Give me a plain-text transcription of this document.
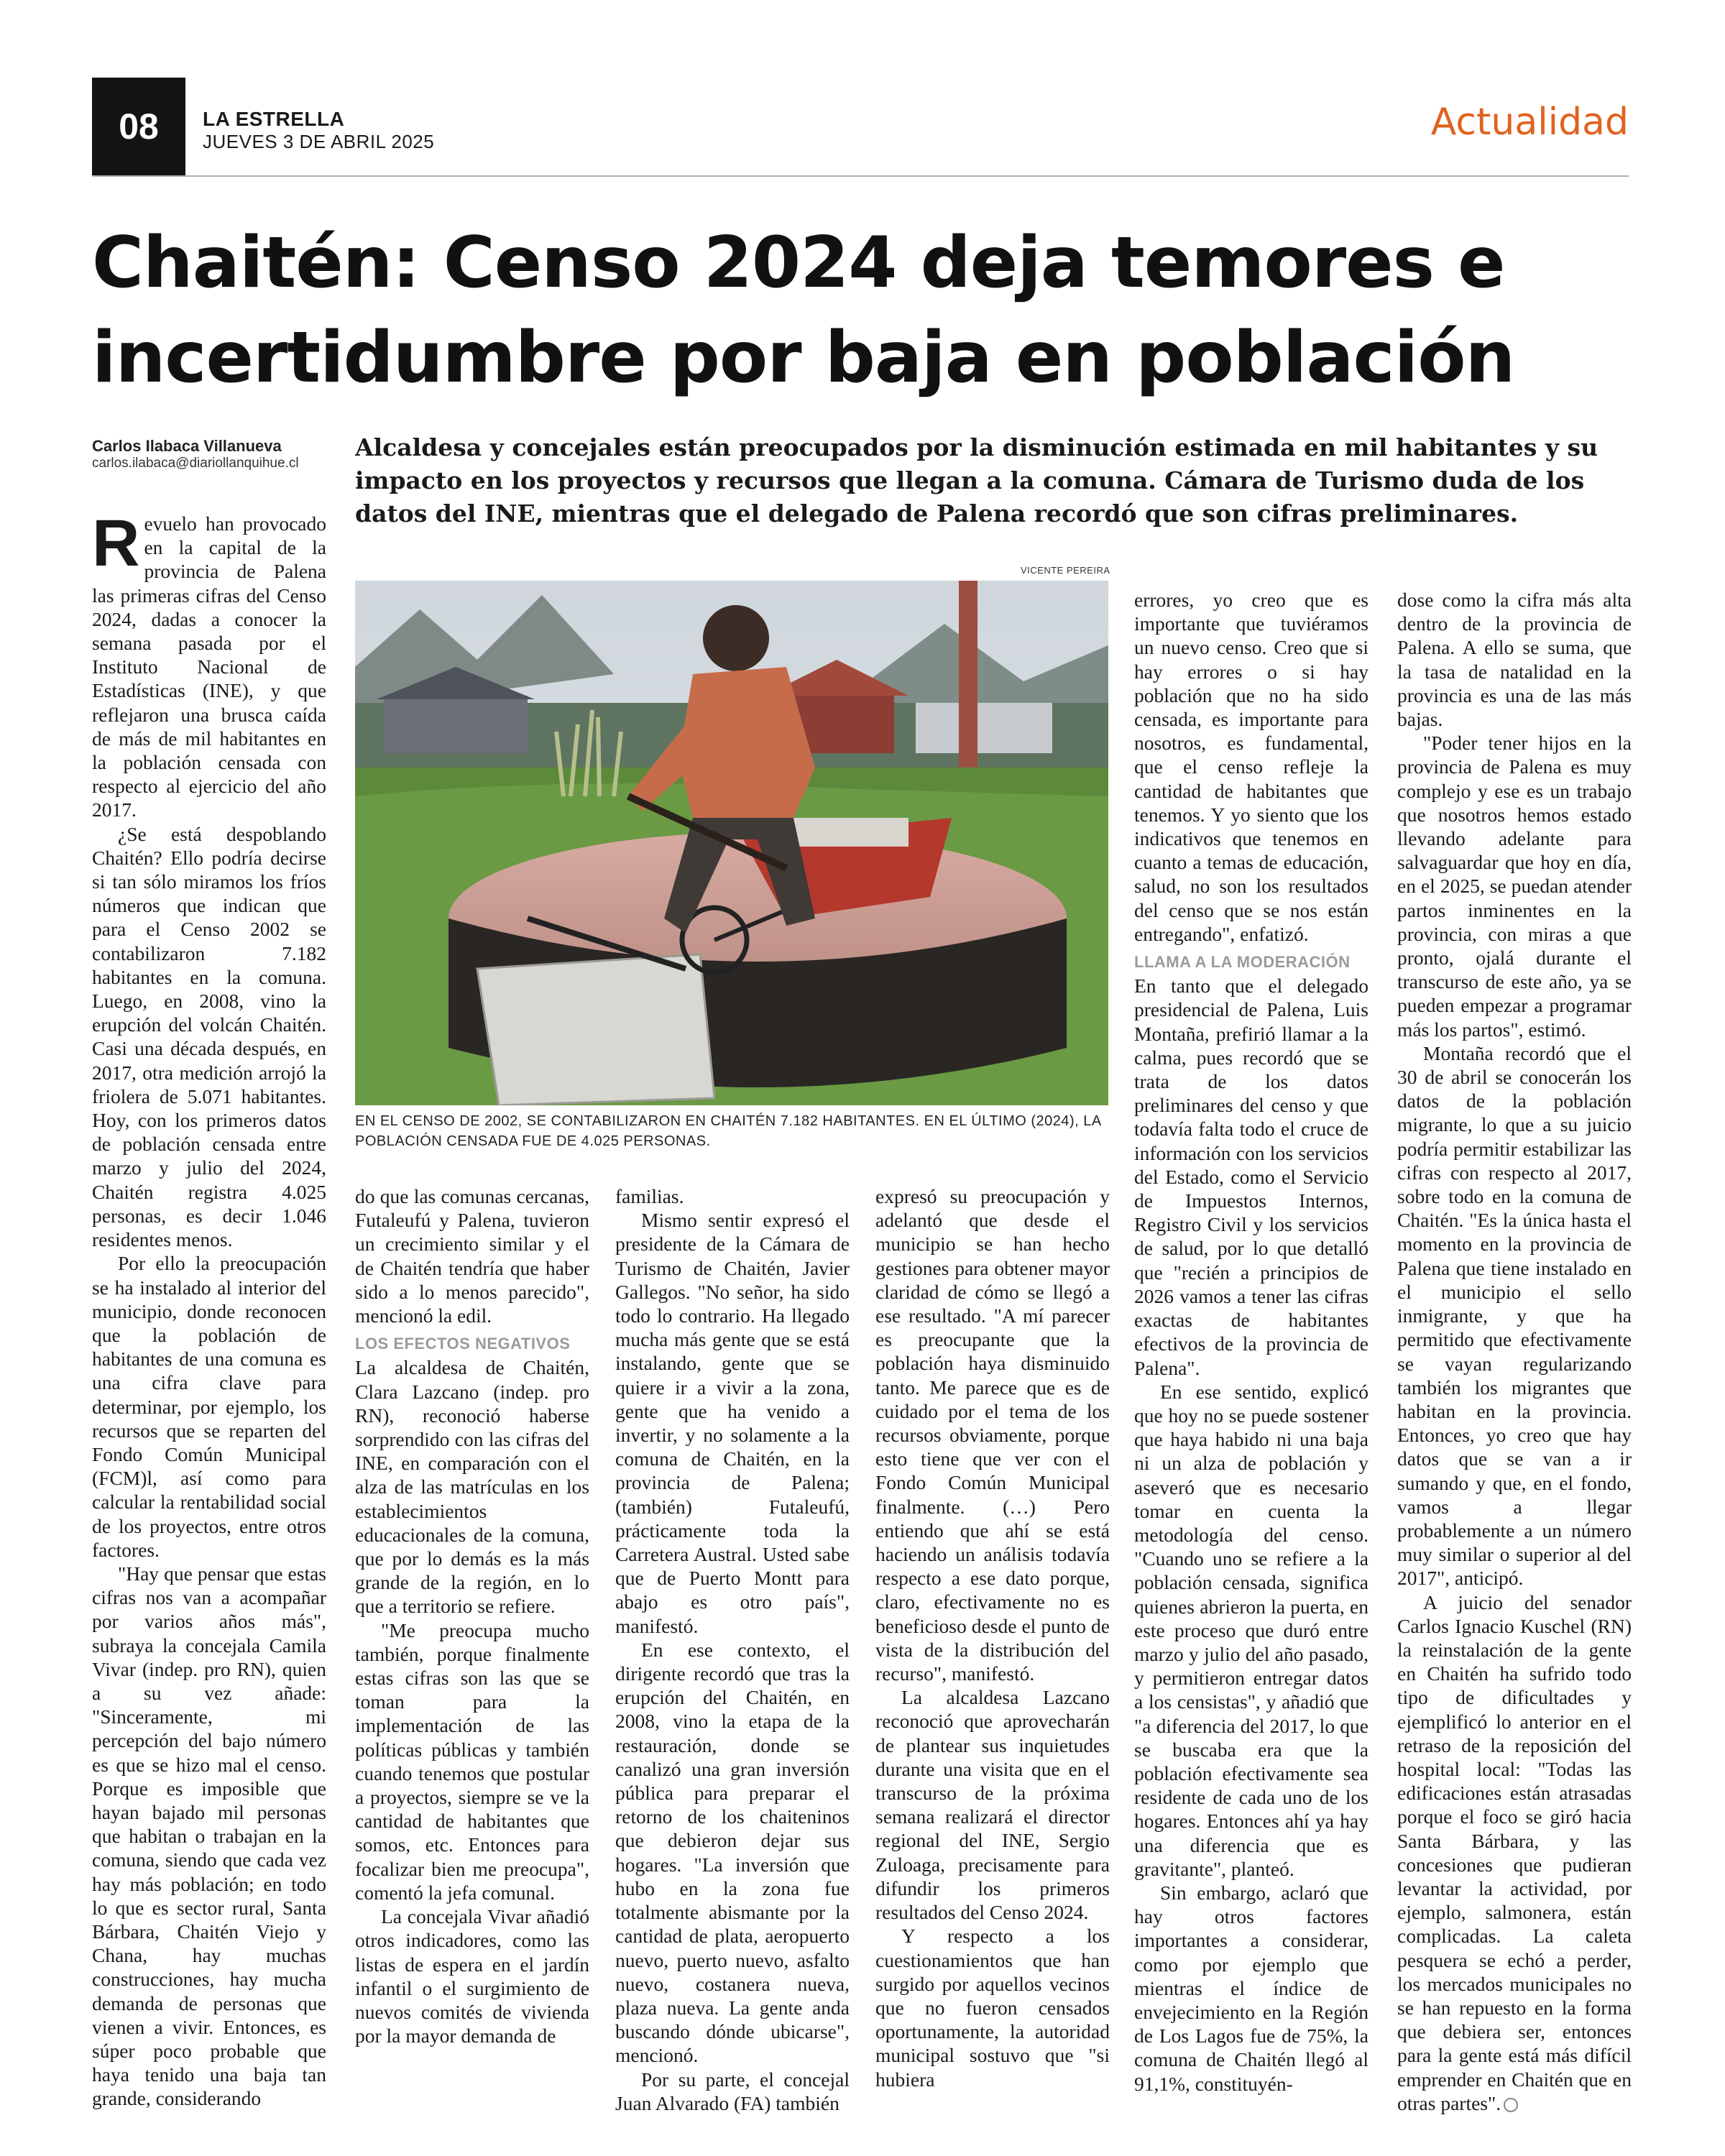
08	LA ESTRELLA
JUEVES 3 DE ABRIL 2025	Actualidad
Chaitén: Censo 2024 deja temores e
incertidumbre por baja en población
Carlos Ilabaca Villanueva
carlos.ilabaca@diariollanquihue.cl
Alcaldesa y concejales están preocupados por la disminución estimada en mil habitantes y su impacto en los proyectos y recursos que llegan a la comuna. Cámara de Turismo duda de los datos del INE, mientras que el delegado de Palena recordó que son cifras preliminares.
VICENTE PEREIRA
EN EL CENSO DE 2002, SE CONTABILIZARON EN CHAITÉN 7.182 HABITANTES. EN EL ÚLTIMO (2024), LA POBLACIÓN CENSADA FUE DE 4.025 PERSONAS.

Revuelo han provocado en la capital de la provincia de Palena las primeras cifras del Censo 2024, dadas a conocer la semana pasada por el Instituto Nacional de Estadísticas (INE), y que reflejaron una brusca caída de más de mil habitantes en la población censada con respecto al ejercicio del año 2017.

¿Se está despoblando Chaitén? Ello podría decirse si tan sólo miramos los fríos números que indican que para el Censo 2002 se contabilizaron 7.182 habitantes en la comuna. Luego, en 2008, vino la erupción del volcán Chaitén. Casi una década después, en 2017, otra medición arrojó la friolera de 5.071 habitantes. Hoy, con los primeros datos de población censada entre marzo y julio del 2024, Chaitén registra 4.025 personas, es decir 1.046 residentes menos.

Por ello la preocupación se ha instalado al interior del municipio, donde reconocen que la población de habitantes de una comuna es una cifra clave para determinar, por ejemplo, los recursos que se reparten del Fondo Común Municipal (FCM)l, así como para calcular la rentabilidad social de los proyectos, entre otros factores.

"Hay que pensar que estas cifras nos van a acompañar por varios años más", subraya la concejala Camila Vivar (indep. pro RN), quien a su vez añade: "Sinceramente, mi percepción del bajo número es que se hizo mal el censo. Porque es imposible que hayan bajado mil personas que habitan o trabajan en la comuna, siendo que cada vez hay más población; en todo lo que es sector rural, Santa Bárbara, Chaitén Viejo y Chana, hay muchas construcciones, hay mucha demanda de personas que vienen a vivir. Entonces, es súper poco probable que haya tenido una baja tan grande, considerando

do que las comunas cercanas, Futaleufú y Palena, tuvieron un crecimiento similar y el de Chaitén tendría que haber sido a lo menos parecido", mencionó la edil.

LOS EFECTOS NEGATIVOS

La alcaldesa de Chaitén, Clara Lazcano (indep. pro RN), reconoció haberse sorprendido con las cifras del INE, en comparación con el alza de las matrículas en los establecimientos educacionales de la comuna, que por lo demás es la más grande de la región, en lo que a territorio se refiere.

"Me preocupa mucho también, porque finalmente estas cifras son las que se toman para la implementación de las políticas públicas y también cuando tenemos que postular a proyectos, siempre se ve la cantidad de habitantes que somos, etc. Entonces para focalizar bien me preocupa", comentó la jefa comunal.

La concejala Vivar añadió otros indicadores, como las listas de espera en el jardín infantil o el surgimiento de nuevos comités de vivienda por la mayor demanda de

familias.

Mismo sentir expresó el presidente de la Cámara de Turismo de Chaitén, Javier Gallegos. "No señor, ha sido todo lo contrario. Ha llegado mucha más gente que se está instalando, gente que se quiere ir a vivir a la zona, gente que ha venido a invertir, y no solamente a la comuna de Chaitén, en la provincia de Palena; (también) Futaleufú, prácticamente toda la Carretera Austral. Usted sabe que de Puerto Montt para abajo es otro país", manifestó.

En ese contexto, el dirigente recordó que tras la erupción del Chaitén, en 2008, vino la etapa de la restauración, donde se canalizó una gran inversión pública para preparar el retorno de los chaiteninos que debieron dejar sus hogares. "La inversión que hubo en la zona fue totalmente abismante por la cantidad de plata, aeropuerto nuevo, puerto nuevo, asfalto nuevo, costanera nueva, plaza nueva. La gente anda buscando dónde ubicarse", mencionó.

Por su parte, el concejal Juan Alvarado (FA) también

expresó su preocupación y adelantó que desde el municipio se han hecho gestiones para obtener mayor claridad de cómo se llegó a ese resultado. "A mí parecer es preocupante que la población haya disminuido tanto. Me parece que es de cuidado por el tema de los recursos obviamente, porque esto tiene que ver con el Fondo Común Municipal finalmente. (…) Pero entiendo que ahí se está haciendo un análisis todavía respecto a ese dato porque, claro, efectivamente no es beneficioso desde el punto de vista de la distribución del recurso", manifestó.

La alcaldesa Lazcano reconoció que aprovecharán de plantear sus inquietudes durante una visita que en el transcurso de la próxima semana realizará el director regional del INE, Sergio Zuloaga, precisamente para difundir los primeros resultados del Censo 2024.

Y respecto a los cuestionamientos que han surgido por aquellos vecinos que no fueron censados oportunamente, la autoridad municipal sostuvo que "si hubiera

errores, yo creo que es importante que tuviéramos un nuevo censo. Creo que si hay errores o si hay población que no ha sido censada, es importante para nosotros, es fundamental, que el censo refleje la cantidad de habitantes que tenemos. Y yo siento que los indicativos que tenemos en cuanto a temas de educación, salud, no son los resultados del censo que se nos están entregando", enfatizó.

LLAMA A LA MODERACIÓN

En tanto que el delegado presidencial de Palena, Luis Montaña, prefirió llamar a la calma, pues recordó que se trata de los datos preliminares del censo y que todavía falta todo el cruce de información con los servicios del Estado, como el Servicio de Impuestos Internos, Registro Civil y los servicios de salud, por lo que detalló que "recién a principios de 2026 vamos a tener las cifras exactas de habitantes efectivos de la provincia de Palena".

En ese sentido, explicó que hoy no se puede sostener que haya habido ni una baja ni un alza de población y aseveró que es necesario tomar en cuenta la metodología del censo. "Cuando uno se refiere a la población censada, significa quienes abrieron la puerta, en este proceso que duró entre marzo y julio del año pasado, y permitieron entregar datos a los censistas", y añadió que "a diferencia del 2017, lo que se buscaba era que la población efectivamente sea residente de cada uno de los hogares. Entonces ahí ya hay una diferencia que es gravitante", planteó.

Sin embargo, aclaró que hay otros factores importantes a considerar, como por ejemplo que mientras el índice de envejecimiento en la Región de Los Lagos fue de 75%, la comuna de Chaitén llegó al 91,1%, constituyén-

dose como la cifra más alta dentro de la provincia de Palena. A ello se suma, que la tasa de natalidad en la provincia es una de las más bajas.

"Poder tener hijos en la provincia de Palena es muy complejo y ese es un trabajo que nosotros hemos estado llevando adelante para salvaguardar que hoy en día, en el 2025, se puedan atender partos inminentes en la provincia, con miras a que pronto, ojalá durante el transcurso de este año, ya se pueden empezar a programar más los partos", estimó.

Montaña recordó que el 30 de abril se conocerán los datos de la población migrante, lo que a su juicio podría permitir estabilizar las cifras con respecto al 2017, sobre todo en la comuna de Chaitén. "Es la única hasta el momento en la provincia de Palena que tiene instalado en el municipio el sello inmigrante, y que ha permitido que efectivamente se vayan regularizando también los migrantes que habitan en la provincia. Entonces, yo creo que hay datos que se van a ir sumando y que, en el fondo, vamos a llegar probablemente a un número muy similar o superior al del 2017", anticipó.

A juicio del senador Carlos Ignacio Kuschel (RN) la reinstalación de la gente en Chaitén ha sufrido todo tipo de dificultades y ejemplificó lo anterior en el retraso de la reposición del hospital local: "Todas las edificaciones están atrasadas porque el foco se giró hacia Santa Bárbara, y las concesiones que pudieran levantar la actividad, por ejemplo, salmonera, están complicadas. La caleta pesquera se echó a perder, los mercados municipales no se han repuesto en la forma que debiera ser, entonces para la gente está más difícil emprender en Chaitén que en otras partes".
